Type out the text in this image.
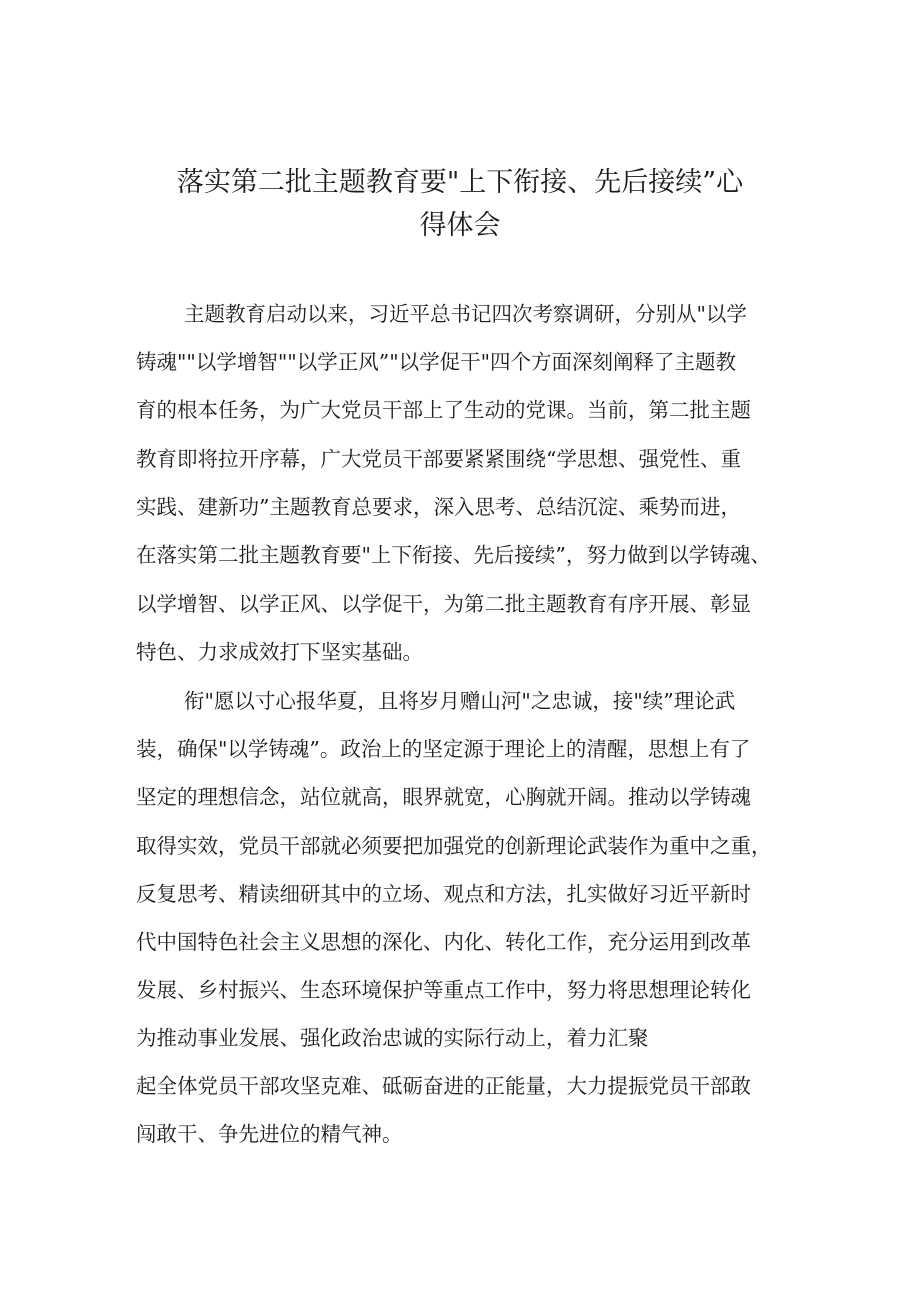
落实第二批主题教育要"上下衔接、先后接续”心
得体会

主题教育启动以来，习近平总书记四次考察调研，分别从"以学

铸魂""以学增智""以学正风”"以学促干"四个方面深刻阐释了主题教

育的根本任务，为广大党员干部上了生动的党课。当前，第二批主题

教育即将拉开序幕，广大党员干部要紧紧围绕“学思想、强党性、重

实践、建新功”主题教育总要求，深入思考、总结沉淀、乘势而进，

在落实第二批主题教育要"上下衔接、先后接续”，努力做到以学铸魂、

以学增智、以学正风、以学促干，为第二批主题教育有序开展、彰显

特色、力求成效打下坚实基础。

衔"愿以寸心报华夏，且将岁月赠山河"之忠诚，接"续”理论武

装，确保"以学铸魂”。政治上的坚定源于理论上的清醒，思想上有了

坚定的理想信念，站位就高，眼界就宽，心胸就开阔。推动以学铸魂

取得实效，党员干部就必须要把加强党的创新理论武装作为重中之重，

反复思考、精读细研其中的立场、观点和方法，扎实做好习近平新时

代中国特色社会主义思想的深化、内化、转化工作，充分运用到改革

发展、乡村振兴、生态环境保护等重点工作中，努力将思想理论转化

为推动事业发展、强化政治忠诚的实际行动上，着力汇聚

起全体党员干部攻坚克难、砥砺奋进的正能量，大力提振党员干部敢

闯敢干、争先进位的精气神。
